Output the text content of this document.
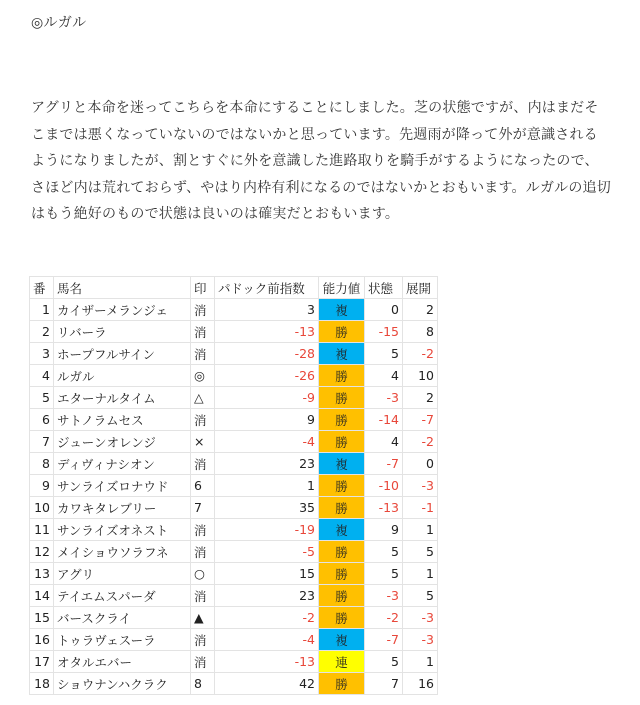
◎ルガル
アグリと本命を迷ってこちらを本命にすることにしました。芝の状態ですが、内はまだそ
こまでは悪くなっていないのではないかと思っています。先週雨が降って外が意識される
ようになりましたが、割とすぐに外を意識した進路取りを騎手がするようになったので、
さほど内は荒れておらず、やはり内枠有利になるのではないかとおもいます。ルガルの追切
はもう絶好のもので状態は良いのは確実だとおもいます。
番	馬名	印	パドック前指数	能力値	状態	展開
1	カイザーメランジェ	消	3	複	0	2
2	リバーラ	消	-13	勝	-15	8
3	ホープフルサイン	消	-28	複	5	-2
4	ルガル	◎	-26	勝	4	10
5	エターナルタイム	△	-9	勝	-3	2
6	サトノラムセス	消	9	勝	-14	-7
7	ジューンオレンジ	×	-4	勝	4	-2
8	ディヴィナシオン	消	23	複	-7	0
9	サンライズロナウド	6	1	勝	-10	-3
10	カワキタレブリー	7	35	勝	-13	-1
11	サンライズオネスト	消	-19	複	9	1
12	メイショウソラフネ	消	-5	勝	5	5
13	アグリ	○	15	勝	5	1
14	テイエムスパーダ	消	23	勝	-3	5
15	バースクライ	▲	-2	勝	-2	-3
16	トゥラヴェスーラ	消	-4	複	-7	-3
17	オタルエバー	消	-13	連	5	1
18	ショウナンハクラク	8	42	勝	7	16
